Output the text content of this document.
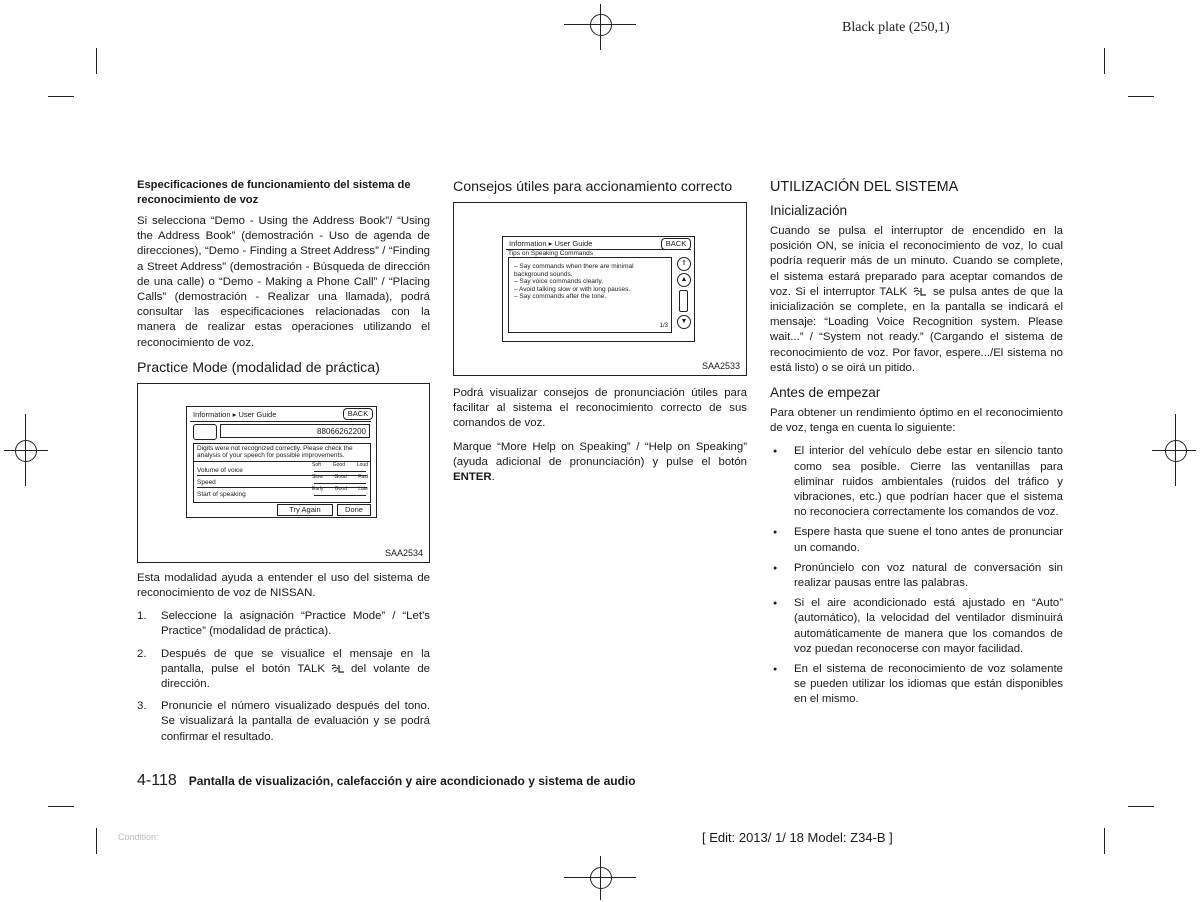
Black plate (250,1)
Especificaciones de funcionamiento del sistema de reconocimiento de voz

Si selecciona “Demo - Using the Address Book”/ “Using the Address Book” (demostración - Uso de agenda de direcciones), “Demo - Finding a Street Address” / “Finding a Street Address” (demostración - Búsqueda de dirección de una calle) o “Demo - Making a Phone Call” / “Placing Calls” (demostración - Realizar una llamada), podrá consultar las especificaciones relacionadas con la manera de realizar estas operaciones utilizando el reconocimiento de voz.

Practice Mode (modalidad de práctica)
Information ▸ User Guide	BACK
88066262200
Digits were not recognized correctly. Please check the analysis of your speech for possible improvements.
Volume of voice
Soft Good Loud
Speed
Slow Good Fast
Start of speaking
Early Good Late
Try Again	Done
SAA2534

Esta modalidad ayuda a entender el uso del sistema de reconocimiento de voz de NISSAN.

1. Seleccione la asignación “Practice Mode” / “Let’s Practice” (modalidad de práctica).
2. Después de que se visualice el mensaje en la pantalla, pulse el botón TALK del volante de dirección.
3. Pronuncie el número visualizado después del tono. Se visualizará la pantalla de evaluación y se podrá confirmar el resultado.
Consejos útiles para accionamiento correcto
Information ▸ User Guide	BACK
Tips on Speaking Commands
– Say commands when there are minimal background sounds.
– Say voice commands clearly.
– Avoid talking slow or with long pauses.
– Say commands after the tone.
1/3
⇑
▲
▼
SAA2533

Podrá visualizar consejos de pronunciación útiles para facilitar al sistema el reconocimiento correcto de sus comandos de voz.

Marque “More Help on Speaking” / “Help on Speaking” (ayuda adicional de pronunciación) y pulse el botón ENTER.

UTILIZACIÓN DEL SISTEMA
Inicialización

Cuando se pulsa el interruptor de encendido en la posición ON, se inicia el reconocimiento de voz, lo cual podría requerir más de un minuto. Cuando se complete, el sistema estará preparado para aceptar comandos de voz. Si el interruptor TALK se pulsa antes de que la inicialización se complete, en la pantalla se indicará el mensaje: “Loading Voice Recognition system. Please wait...” / “System not ready.” (Cargando el sistema de reconocimiento de voz. Por favor, espere.../El sistema no está listo) o se oirá un pitido.

Antes de empezar

Para obtener un rendimiento óptimo en el reconocimiento de voz, tenga en cuenta lo siguiente:

● El interior del vehículo debe estar en silencio tanto como sea posible. Cierre las ventanillas para eliminar ruidos ambientales (ruidos del tráfico y vibraciones, etc.) que podrían hacer que el sistema no reconociera correctamente los comandos de voz.
● Espere hasta que suene el tono antes de pronunciar un comando.
● Pronúncielo con voz natural de conversación sin realizar pausas entre las palabras.
● Si el aire acondicionado está ajustado en “Auto” (automático), la velocidad del ventilador disminuirá automáticamente de manera que los comandos de voz puedan reconocerse con mayor facilidad.
● En el sistema de reconocimiento de voz solamente se pueden utilizar los idiomas que están disponibles en el mismo.
4-118 Pantalla de visualización, calefacción y aire acondicionado y sistema de audio
Condition:	[ Edit: 2013/ 1/ 18 Model: Z34-B ]
